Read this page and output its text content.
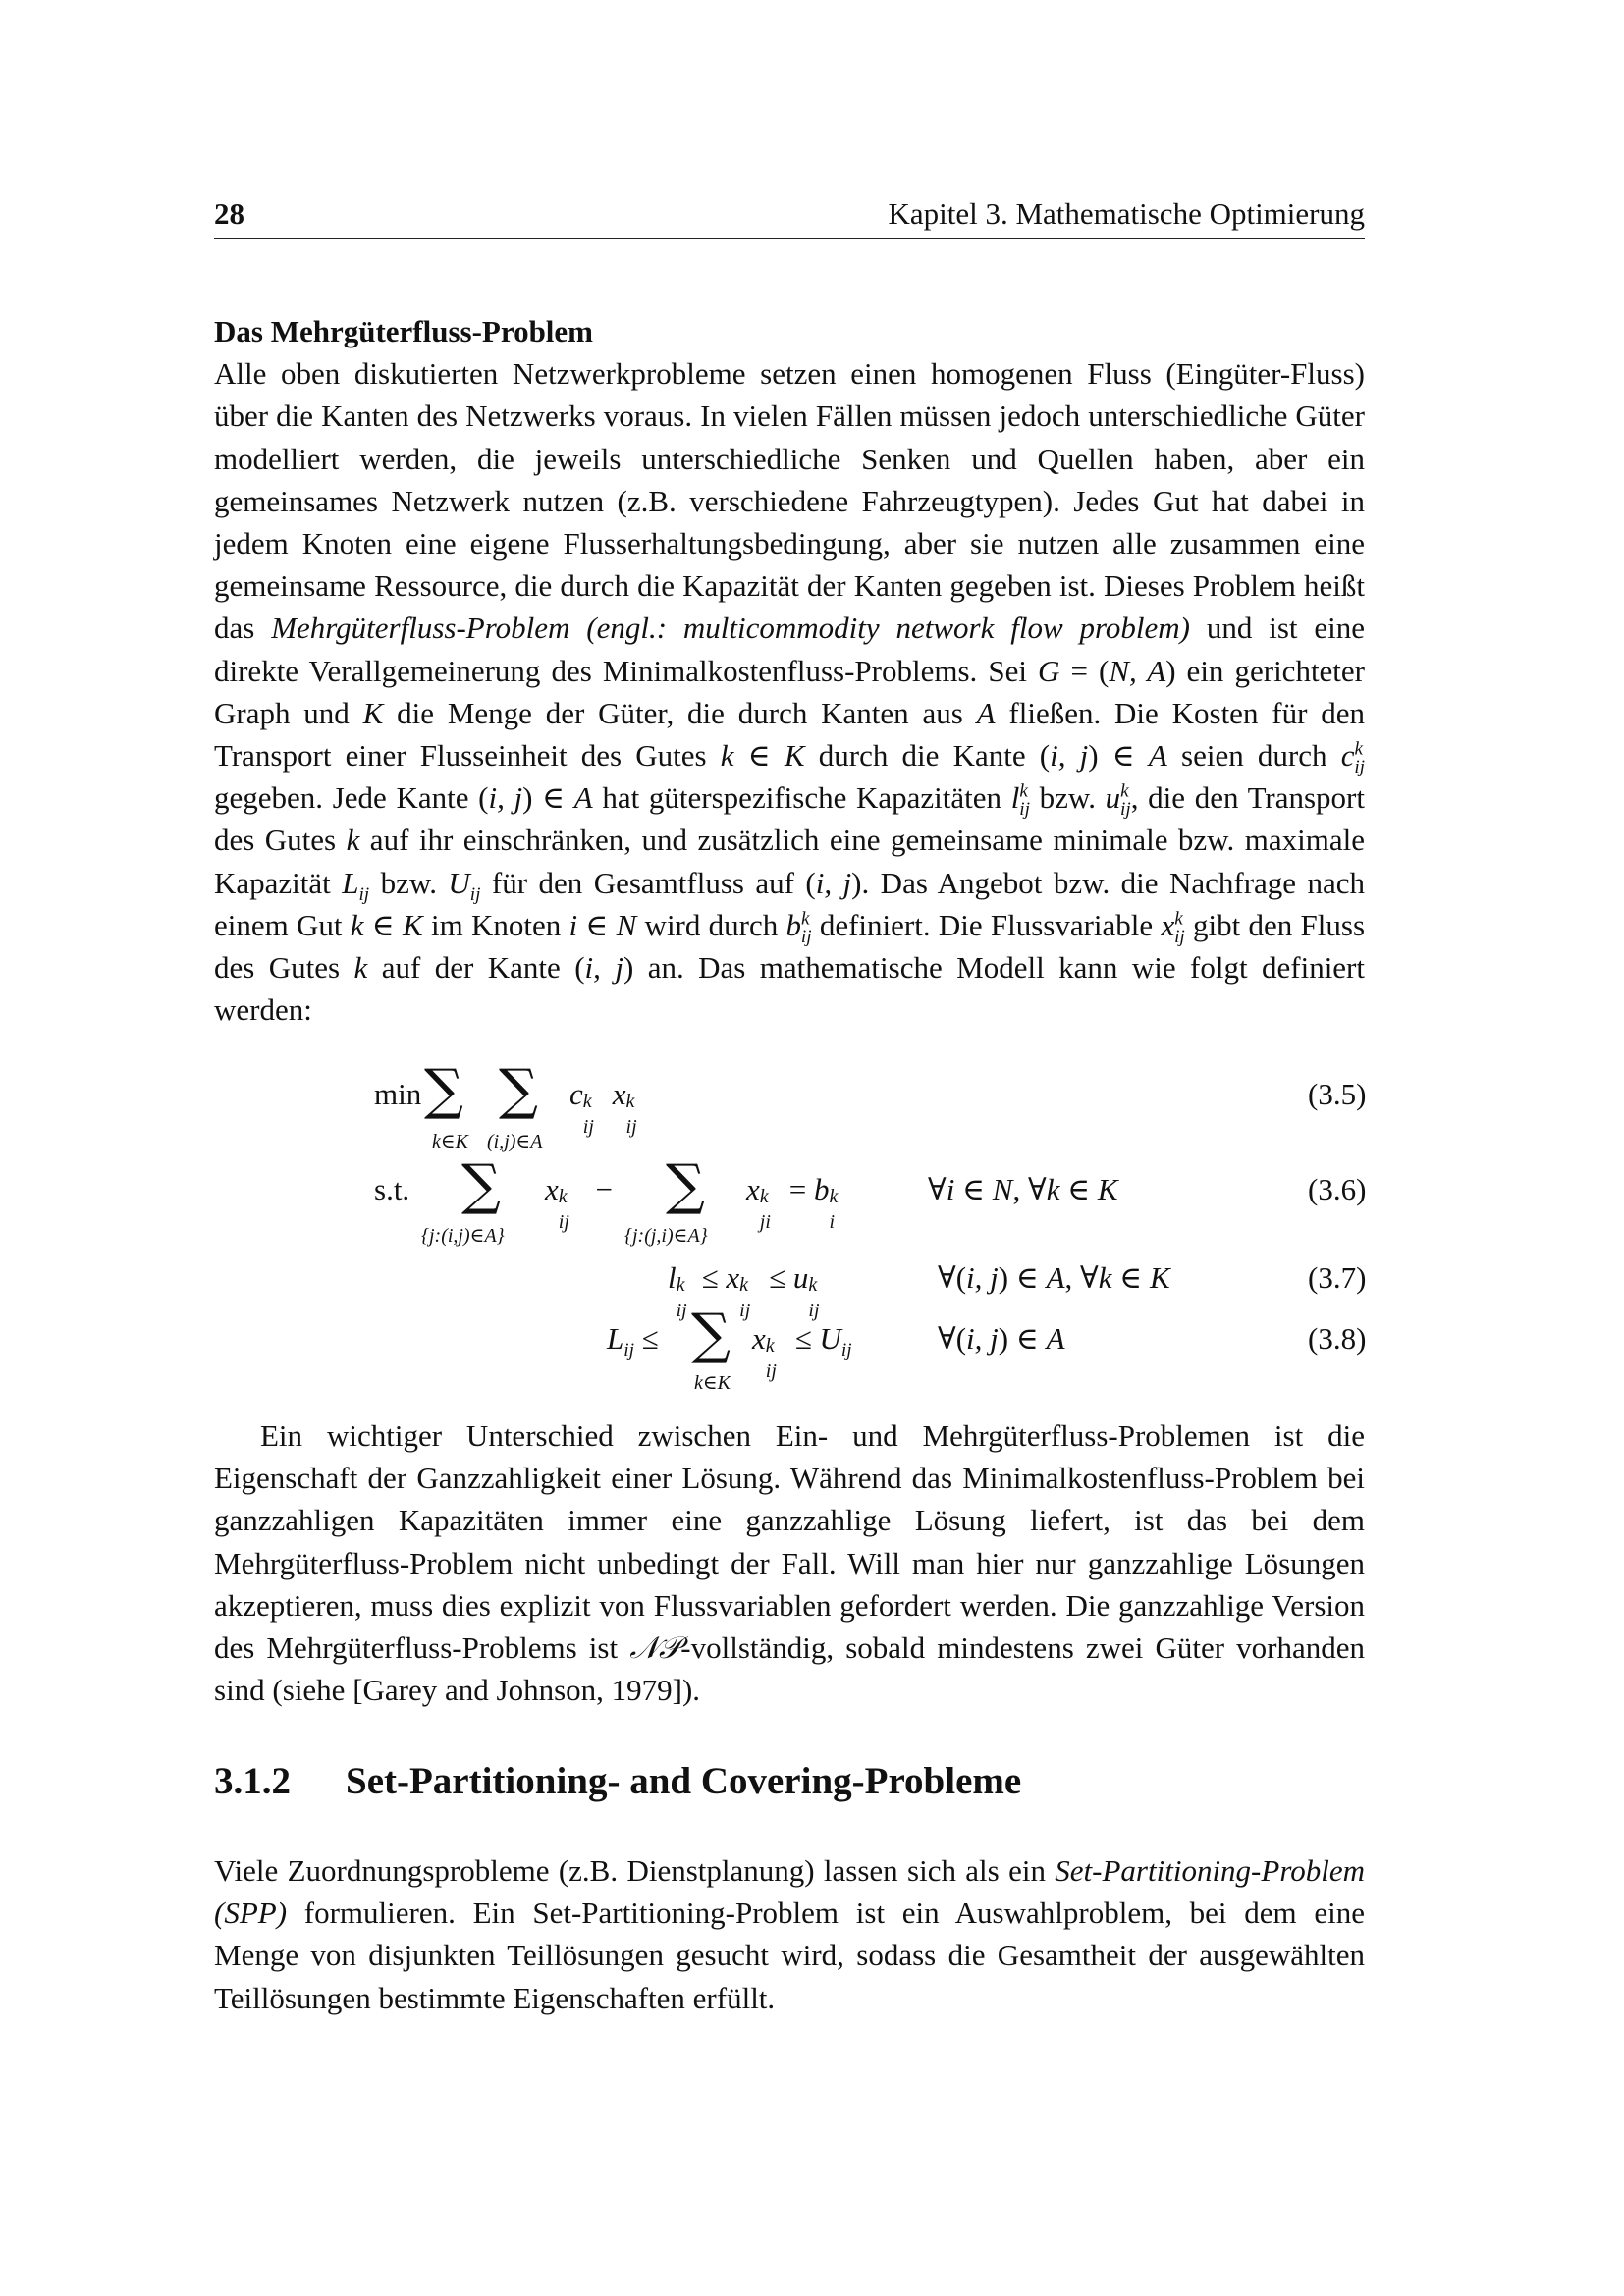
28	Kapitel 3. Mathematische Optimierung
Das Mehrgüterfluss-Problem
Alle oben diskutierten Netzwerkprobleme setzen einen homogenen Fluss (Eingüter-Fluss) über die Kanten des Netzwerks voraus. In vielen Fällen müssen jedoch unterschiedliche Güter modelliert werden, die jeweils unterschiedliche Senken und Quellen haben, aber ein gemeinsames Netzwerk nutzen (z.B. verschiedene Fahrzeugtypen). Jedes Gut hat dabei in jedem Knoten eine eigene Flusserhaltungsbedingung, aber sie nutzen alle zusammen eine gemeinsame Ressource, die durch die Kapazität der Kanten gegeben ist. Dieses Problem heißt das Mehrgüterfluss-Problem (engl.: multicommodity network flow problem) und ist eine direkte Verallgemeinerung des Minimalkostenfluss-Problems. Sei G = (N, A) ein gerichteter Graph und K die Menge der Güter, die durch Kanten aus A fließen. Die Kosten für den Transport einer Flusseinheit des Gutes k ∈ K durch die Kante (i, j) ∈ A seien durch $c^k_{ij}$ gegeben. Jede Kante (i, j) ∈ A hat güterspezifische Kapazitäten $l^k_{ij}$ bzw. $u^k_{ij}$, die den Transport des Gutes k auf ihr einschränken, und zusätzlich eine gemeinsame minimale bzw. maximale Kapazität $L_{ij}$ bzw. $U_{ij}$ für den Gesamtfluss auf (i, j). Das Angebot bzw. die Nachfrage nach einem Gut k ∈ K im Knoten i ∈ N wird durch $b^k_{ij}$ definiert. Die Flussvariable $x^k_{ij}$ gibt den Fluss des Gutes k auf der Kante (i, j) an. Das mathematische Modell kann wie folgt definiert werden:
min ∑
k∈K
∑
(i,j)∈A
c k
ij
x k
ij
(3.5)
s.t. ∑
{j:(i,j)∈A}
x k
ij
− ∑
{j:(j,i)∈A}
x k
ji
= b k
i
∀i ∈ N, ∀k ∈ K	(3.6)
l k
ij
≤ x k
ij
≤ u k
ij
∀(i, j) ∈ A, ∀k ∈ K	(3.7)
$L_{ij}$ ≤ ∑
k∈K
x k
ij
≤ $U_{ij}$	∀(i, j) ∈ A	(3.8)
Ein wichtiger Unterschied zwischen Ein- und Mehrgüterfluss-Problemen ist die Eigenschaft der Ganzzahligkeit einer Lösung. Während das Minimalkostenfluss-Problem bei ganzzahligen Kapazitäten immer eine ganzzahlige Lösung liefert, ist das bei dem Mehrgüterfluss-Problem nicht unbedingt der Fall. Will man hier nur ganzzahlige Lösungen akzeptieren, muss dies explizit von Flussvariablen gefordert werden. Die ganzzahlige Version des Mehrgüterfluss-Problems ist 𝒩𝒫-vollständig, sobald mindestens zwei Güter vorhanden sind (siehe [Garey and Johnson, 1979]).
3.1.2 Set-Partitioning- and Covering-Probleme
Viele Zuordnungsprobleme (z.B. Dienstplanung) lassen sich als ein Set-Partitioning-Problem (SPP) formulieren. Ein Set-Partitioning-Problem ist ein Auswahlproblem, bei dem eine Menge von disjunkten Teillösungen gesucht wird, sodass die Gesamtheit der ausgewählten Teillösungen bestimmte Eigenschaften erfüllt.
